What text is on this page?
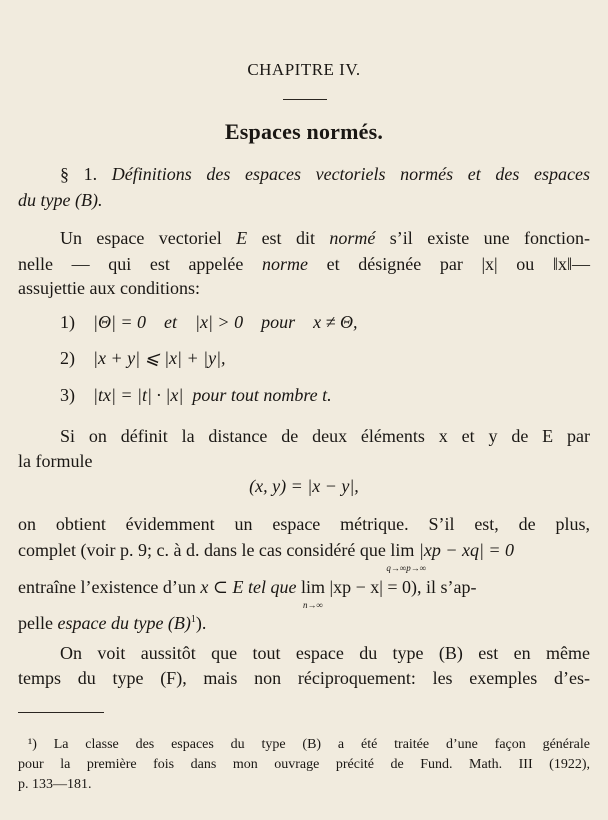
CHAPITRE IV.
Espaces normés.
§ 1. Définitions des espaces vectoriels normés et des espaces
du type (B).
Un espace vectoriel E est dit normé s’il existe une fonction-
nelle — qui est appelée norme et désignée par |x| ou ‖x‖—
assujettie aux conditions:
1) |Θ| = 0 et |x| > 0 pour x ≠ Θ,
2) |x + y| ⩽ |x| + |y|,
3) |tx| = |t| · |x| pour tout nombre t.
Si on définit la distance de deux éléments x et y de E par
la formule
(x, y) = |x − y|,
on obtient évidemment un espace métrique. S’il est, de plus,
complet (voir p. 9; c. à d. dans le cas considéré que lim
q→∞p→∞
|xp − xq| = 0
entraîne l’existence d’un x ⊂ E tel que lim
n→∞
|xp − x| = 0), il s’ap-
pelle espace du type $(B)^1$).
On voit aussitôt que tout espace du type (B) est en même
temps du type (F), mais non réciproquement: les exemples d’es-
¹) La classe des espaces du type (B) a été traitée d’une façon générale
pour la première fois dans mon ouvrage précité de Fund. Math. III (1922),
p. 133—181.
